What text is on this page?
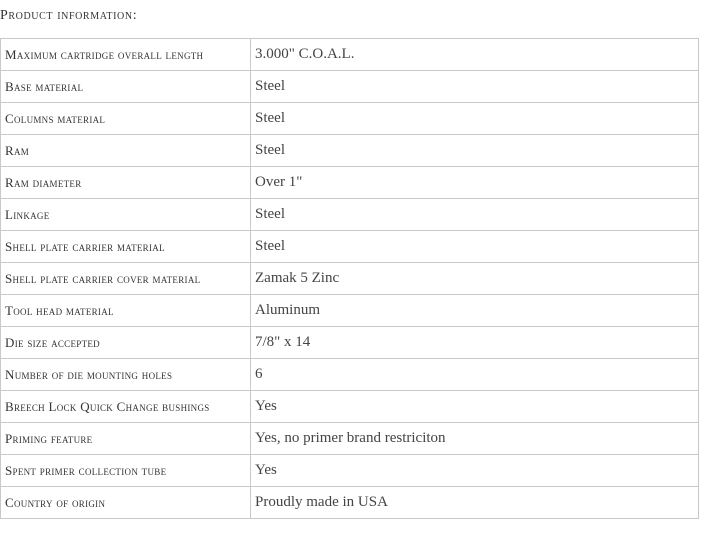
Product information:
Maximum cartridge overall length	3.000" C.O.A.L.
Base material	Steel
Columns material	Steel
Ram	Steel
Ram diameter	Over 1"
Linkage	Steel
Shell plate carrier material	Steel
Shell plate carrier cover material	Zamak 5 Zinc
Tool head material	Aluminum
Die size accepted	7/8" x 14
Number of die mounting holes	6
Breech Lock Quick Change bushings	Yes
Priming feature	Yes, no primer brand restriciton
Spent primer collection tube	Yes
Country of origin	Proudly made in USA
